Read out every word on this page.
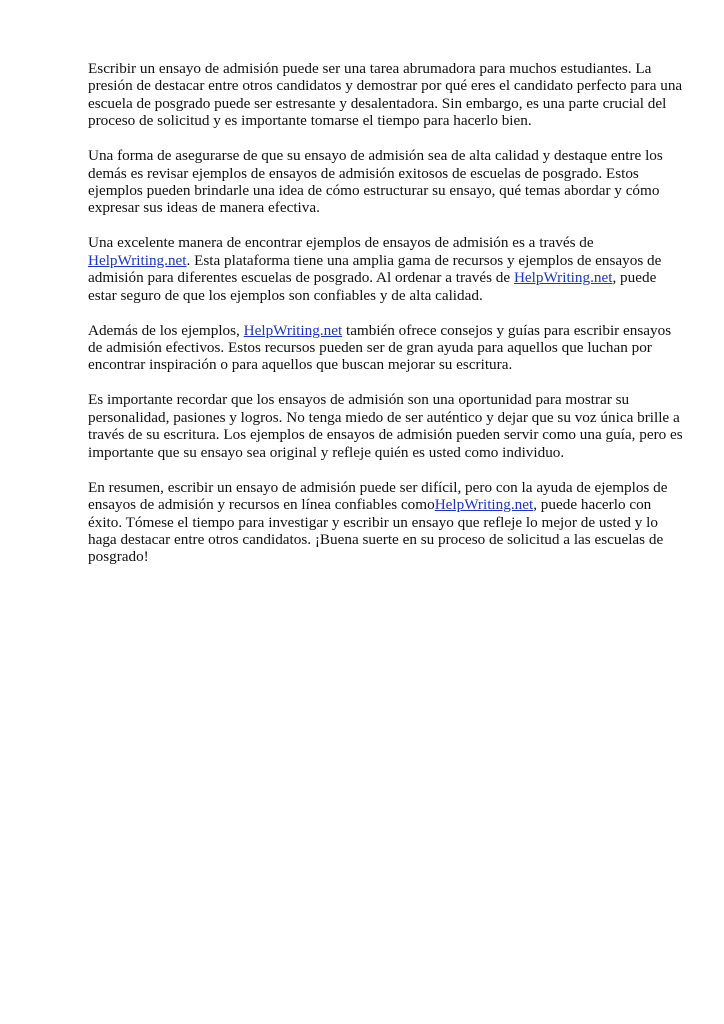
Escribir un ensayo de admisión puede ser una tarea abrumadora para muchos estudiantes. La presión de destacar entre otros candidatos y demostrar por qué eres el candidato perfecto para una escuela de posgrado puede ser estresante y desalentadora. Sin embargo, es una parte crucial del proceso de solicitud y es importante tomarse el tiempo para hacerlo bien.

Una forma de asegurarse de que su ensayo de admisión sea de alta calidad y destaque entre los demás es revisar ejemplos de ensayos de admisión exitosos de escuelas de posgrado. Estos ejemplos pueden brindarle una idea de cómo estructurar su ensayo, qué temas abordar y cómo expresar sus ideas de manera efectiva.

Una excelente manera de encontrar ejemplos de ensayos de admisión es a través de HelpWriting.net. Esta plataforma tiene una amplia gama de recursos y ejemplos de ensayos de admisión para diferentes escuelas de posgrado. Al ordenar a través de HelpWriting.net, puede estar seguro de que los ejemplos son confiables y de alta calidad.

Además de los ejemplos, HelpWriting.net también ofrece consejos y guías para escribir ensayos de admisión efectivos. Estos recursos pueden ser de gran ayuda para aquellos que luchan por encontrar inspiración o para aquellos que buscan mejorar su escritura.

Es importante recordar que los ensayos de admisión son una oportunidad para mostrar su personalidad, pasiones y logros. No tenga miedo de ser auténtico y dejar que su voz única brille a través de su escritura. Los ejemplos de ensayos de admisión pueden servir como una guía, pero es importante que su ensayo sea original y refleje quién es usted como individuo.

En resumen, escribir un ensayo de admisión puede ser difícil, pero con la ayuda de ejemplos de ensayos de admisión y recursos en línea confiables comoHelpWriting.net, puede hacerlo con éxito. Tómese el tiempo para investigar y escribir un ensayo que refleje lo mejor de usted y lo haga destacar entre otros candidatos. ¡Buena suerte en su proceso de solicitud a las escuelas de posgrado!
